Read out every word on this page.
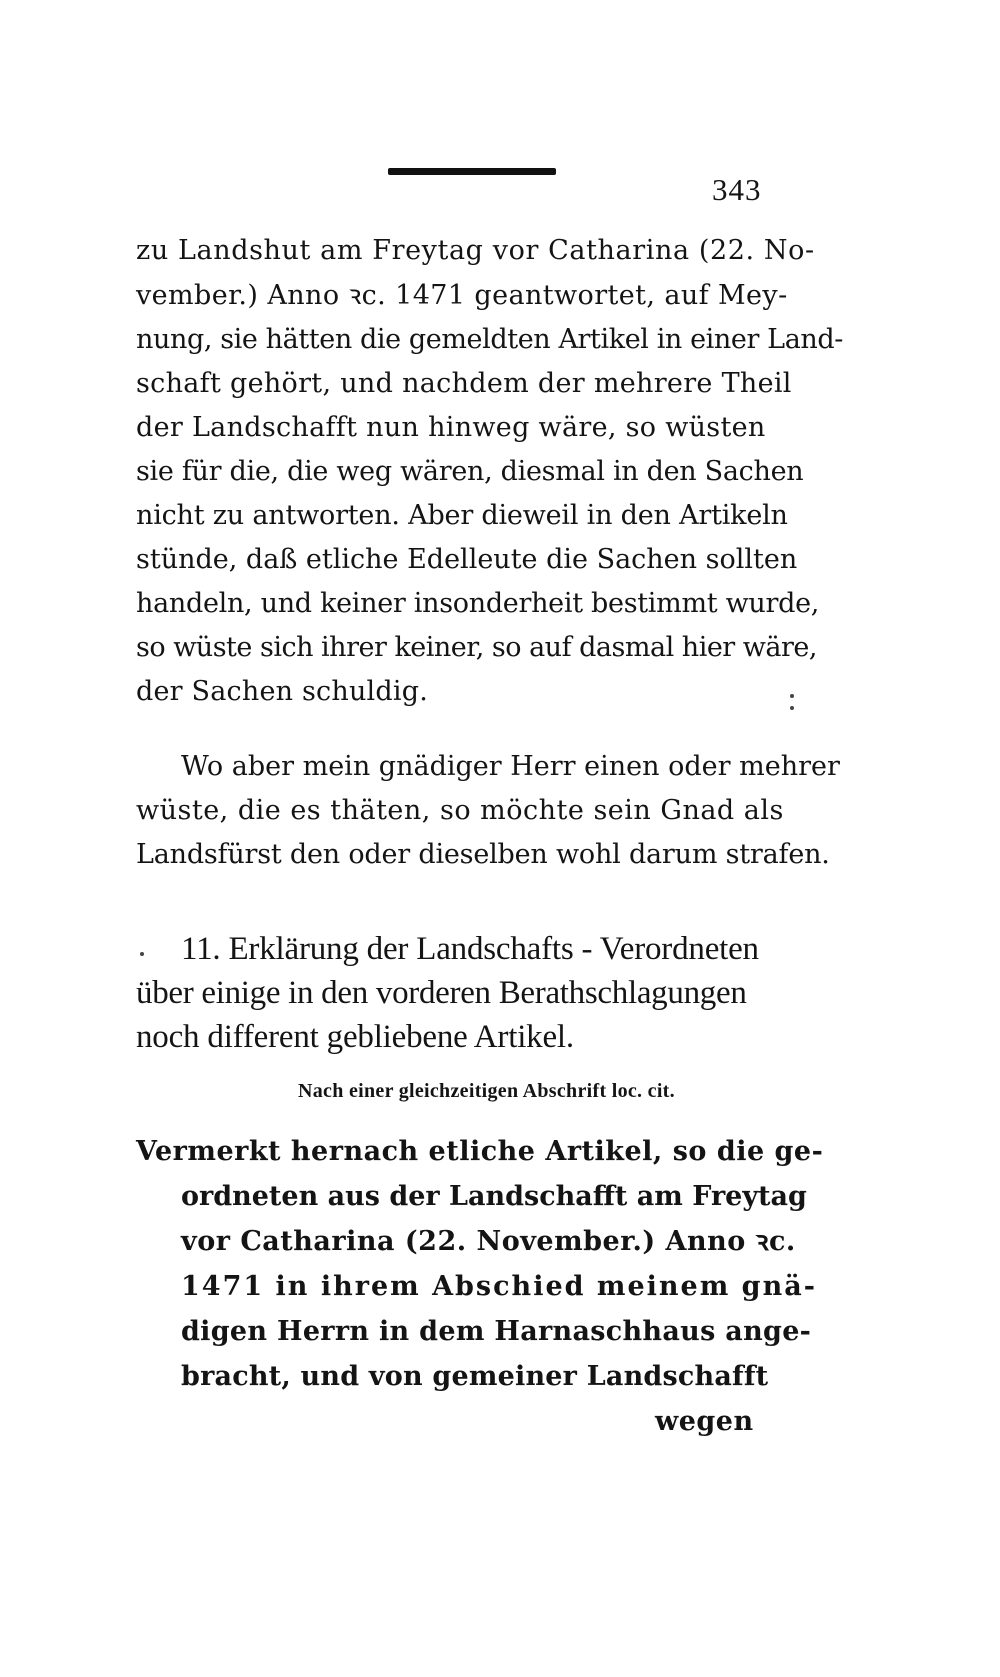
343
zu Landshut am Freytag vor Catharina (22. No-
vember.) Anno ꝛc. 1471 geantwortet, auf Mey-
nung, sie hätten die gemeldten Artikel in einer Land-
schaft gehört, und nachdem der mehrere Theil
der Landschafft nun hinweg wäre, so wüsten
sie für die, die weg wären, diesmal in den Sachen
nicht zu antworten. Aber dieweil in den Artikeln
stünde, daß etliche Edelleute die Sachen sollten
handeln, und keiner insonderheit bestimmt wurde,
so wüste sich ihrer keiner, so auf dasmal hier wäre,
der Sachen schuldig.
Wo aber mein gnädiger Herr einen oder mehrer
wüste, die es thäten, so möchte sein Gnad als
Landsfürst den oder dieselben wohl darum strafen.
11. Erklärung der Landschafts - Verordneten
über einige in den vorderen Berathschlagungen
noch different gebliebene Artikel.
Nach einer gleichzeitigen Abschrift loc. cit.
Vermerkt hernach etliche Artikel, so die ge-
ordneten aus der Landschafft am Freytag
vor Catharina (22. November.) Anno ꝛc.
1471 in ihrem Abschied meinem gnä-
digen Herrn in dem Harnaschhaus ange-
bracht, und von gemeiner Landschafft
wegen
